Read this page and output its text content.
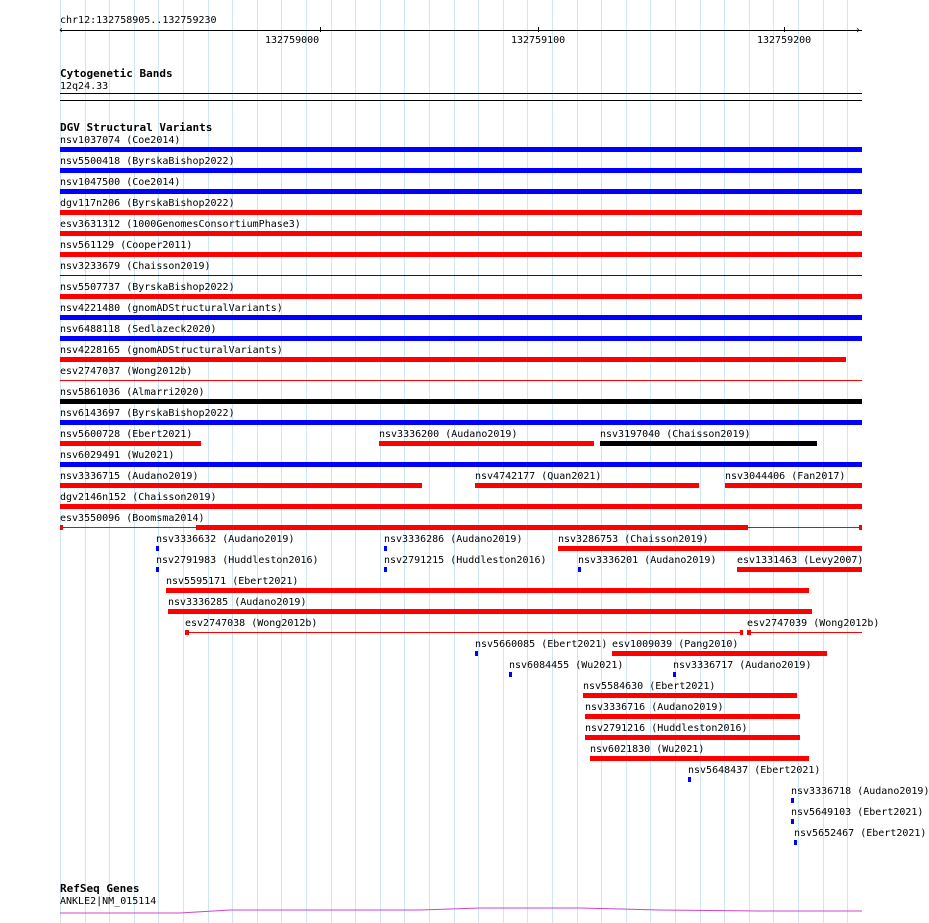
chr12:132758905..132759230
‹	›
132759000	132759100	132759200
Cytogenetic Bands
12q24.33
DGV Structural Variants
nsv1037074 (Coe2014)
nsv5500418 (ByrskaBishop2022)
nsv1047500 (Coe2014)
dgv117n206 (ByrskaBishop2022)
esv3631312 (1000GenomesConsortiumPhase3)
nsv561129 (Cooper2011)
nsv3233679 (Chaisson2019)
nsv5507737 (ByrskaBishop2022)
nsv4221480 (gnomADStructuralVariants)
nsv6488118 (Sedlazeck2020)
nsv4228165 (gnomADStructuralVariants)
esv2747037 (Wong2012b)
nsv5861036 (Almarri2020)
nsv6143697 (ByrskaBishop2022)
nsv5600728 (Ebert2021)	nsv3336200 (Audano2019)	nsv3197040 (Chaisson2019)
nsv6029491 (Wu2021)
nsv3336715 (Audano2019)	nsv4742177 (Quan2021)	nsv3044406 (Fan2017)
dgv2146n152 (Chaisson2019)
esv3550096 (Boomsma2014)
nsv3336632 (Audano2019)	nsv3336286 (Audano2019)	nsv3286753 (Chaisson2019)
nsv2791983 (Huddleston2016)	nsv2791215 (Huddleston2016)	nsv3336201 (Audano2019) esv1331463 (Levy2007)
nsv5595171 (Ebert2021)
nsv3336285 (Audano2019)
esv2747038 (Wong2012b)	esv2747039 (Wong2012b)
nsv5660085 (Ebert2021) esv1009039 (Pang2010)
nsv6084455 (Wu2021)	nsv3336717 (Audano2019)
nsv5584630 (Ebert2021)
nsv3336716 (Audano2019)
nsv2791216 (Huddleston2016)
nsv6021830 (Wu2021)
nsv5648437 (Ebert2021)
nsv3336718 (Audano2019)
nsv5649103 (Ebert2021)
nsv5652467 (Ebert2021)
RefSeq Genes
ANKLE2|NM_015114
